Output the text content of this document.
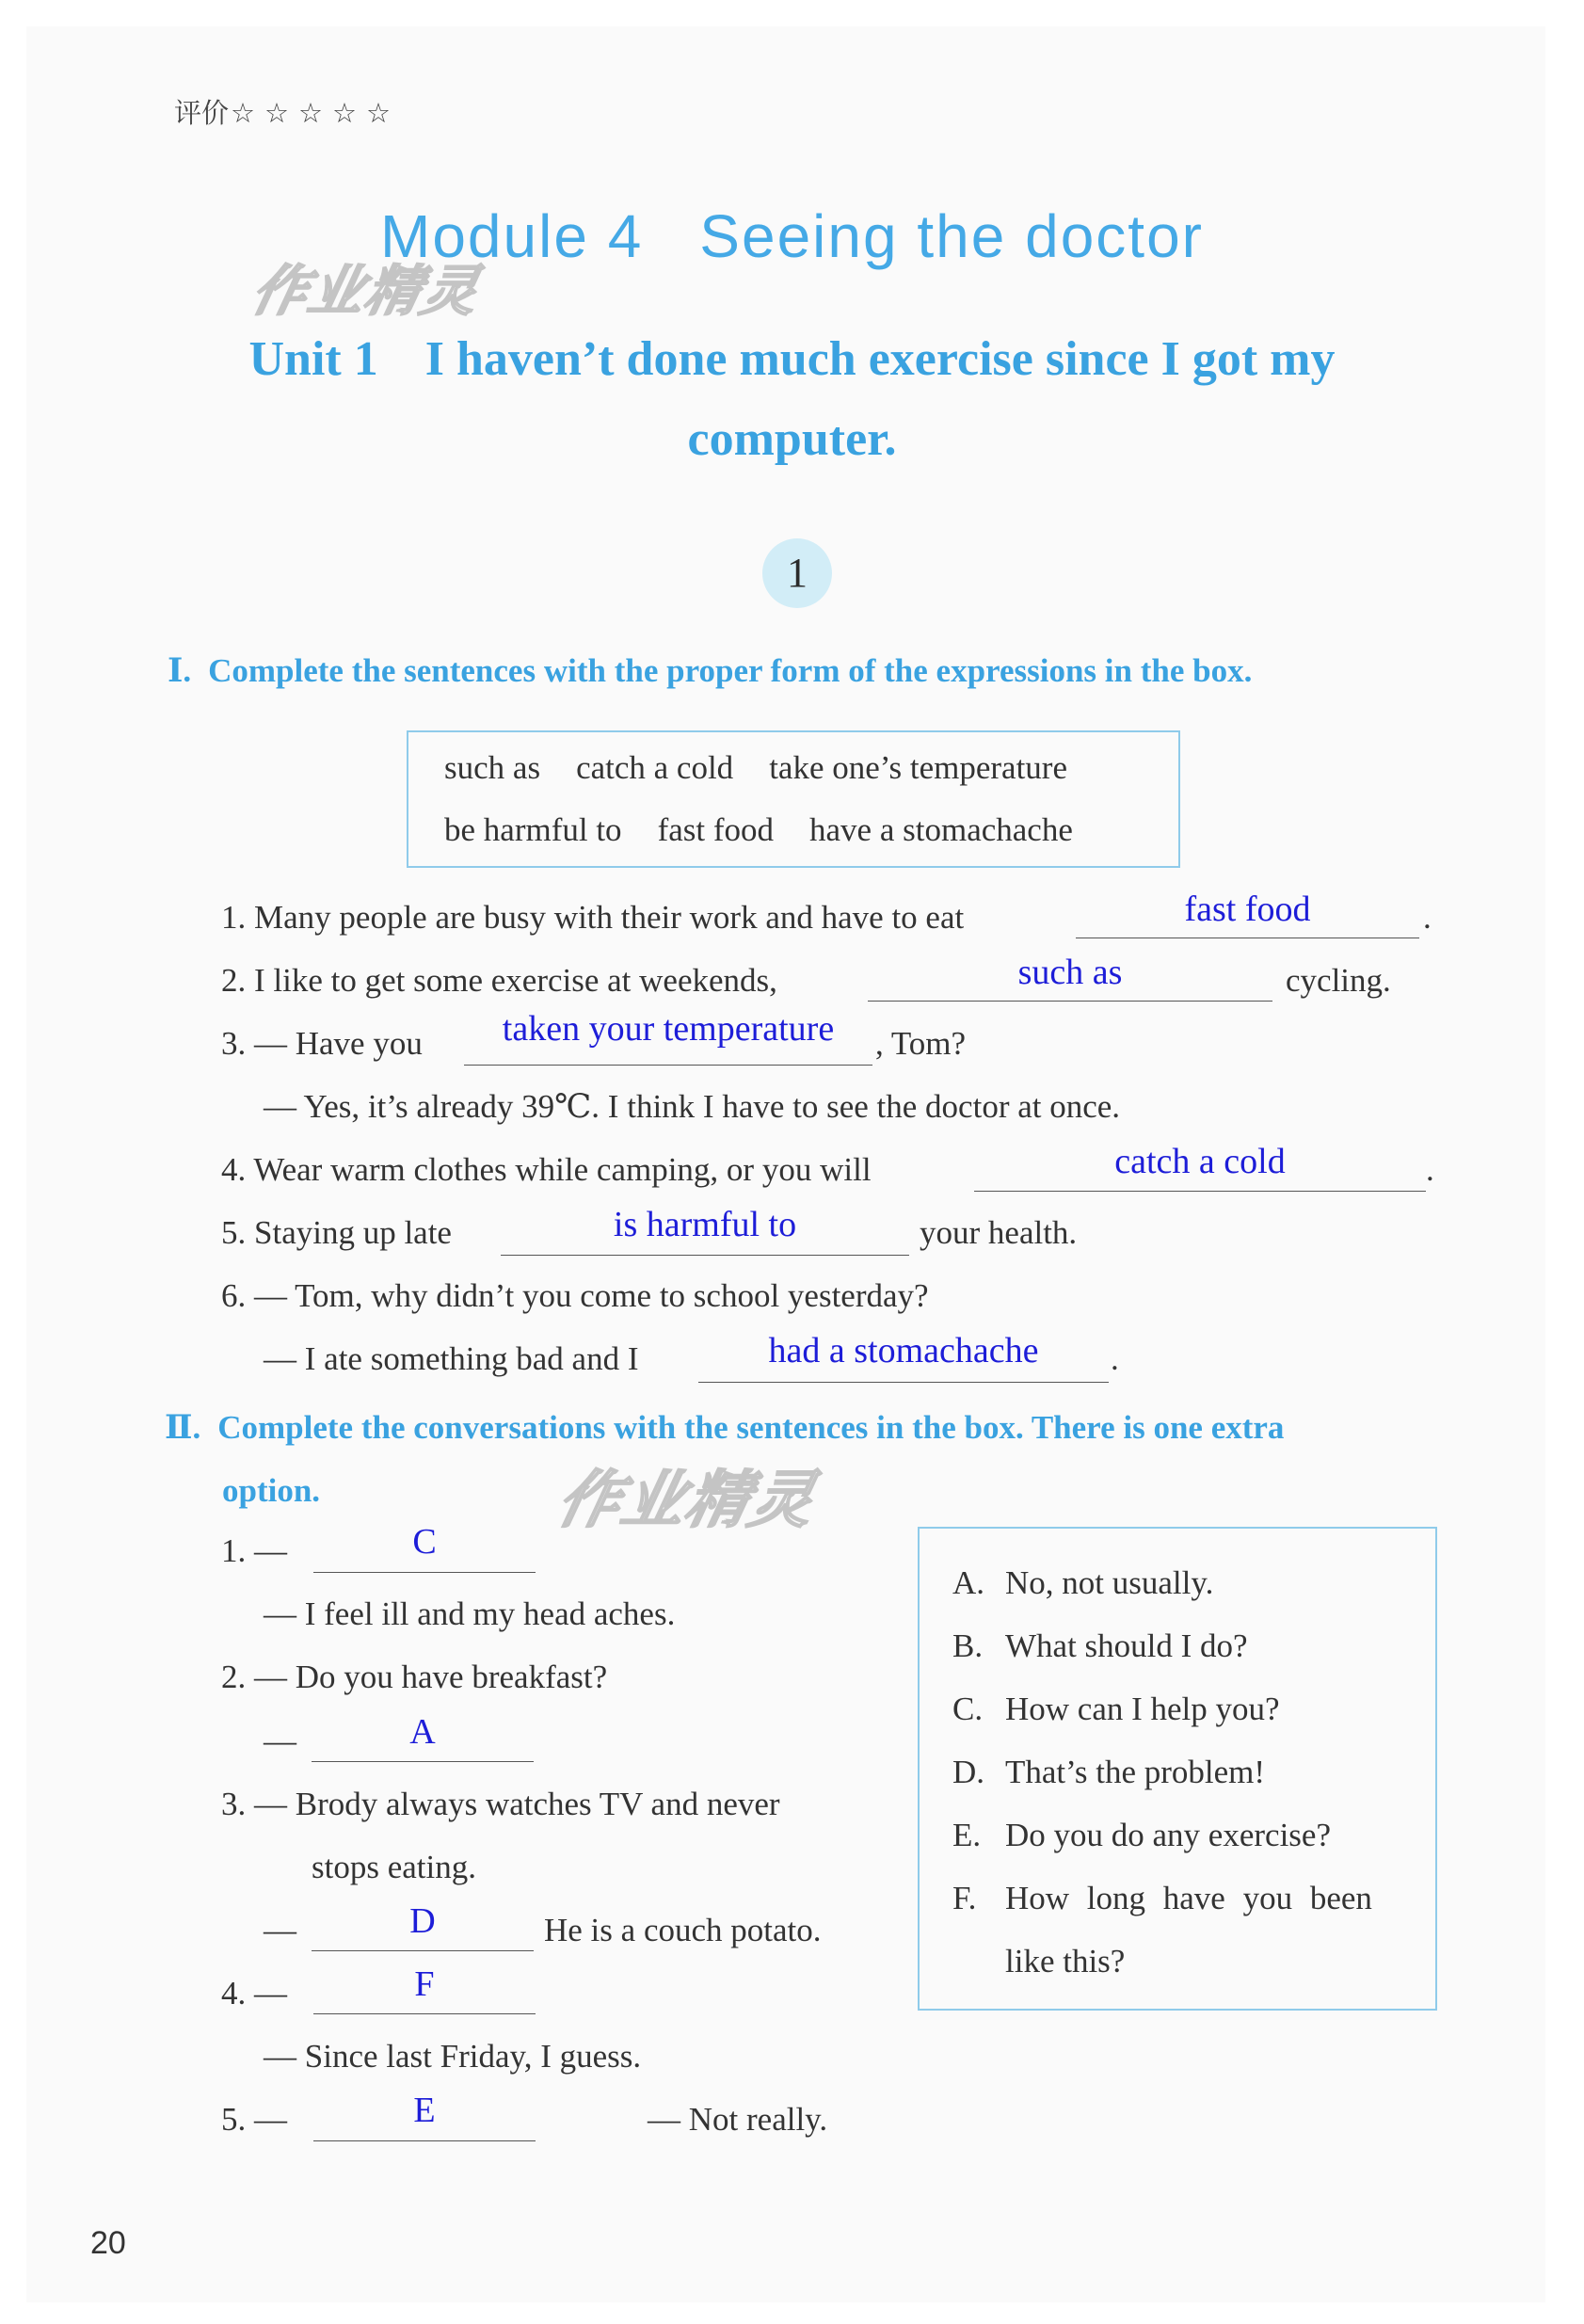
评价☆☆☆☆☆
作业精灵
作业精灵
Module 4 Seeing the doctor
Unit 1 I haven’t done much exercise since I got my
computer.
1
Ⅰ. Complete the sentences with the proper form of the expressions in the box.
such as catch a cold take one’s temperature
be harmful to fast food have a stomachache
1. Many people are busy with their work and have to eat	fast food	.
2. I like to get some exercise at weekends,	such as	cycling.
3. — Have you	taken your temperature	, Tom?
— Yes, it’s already 39℃. I think I have to see the doctor at once.
4. Wear warm clothes while camping, or you will	catch a cold	.
5. Staying up late	is harmful to	your health.
6. — Tom, why didn’t you come to school yesterday?
— I ate something bad and I	had a stomachache	.
Ⅱ. Complete the conversations with the sentences in the box. There is one extra
option.
1. —	C
— I feel ill and my head aches.
2. — Do you have breakfast?
—	A
3. — Brody always watches TV and never
stops eating.
—	D	He is a couch potato.
4. —	F
— Since last Friday, I guess.
5. —	E	— Not really.
A. No, not usually.
B. What should I do?
C. How can I help you?
D. That’s the problem!
E. Do you do any exercise?
F. How long have you been
like this?
20
